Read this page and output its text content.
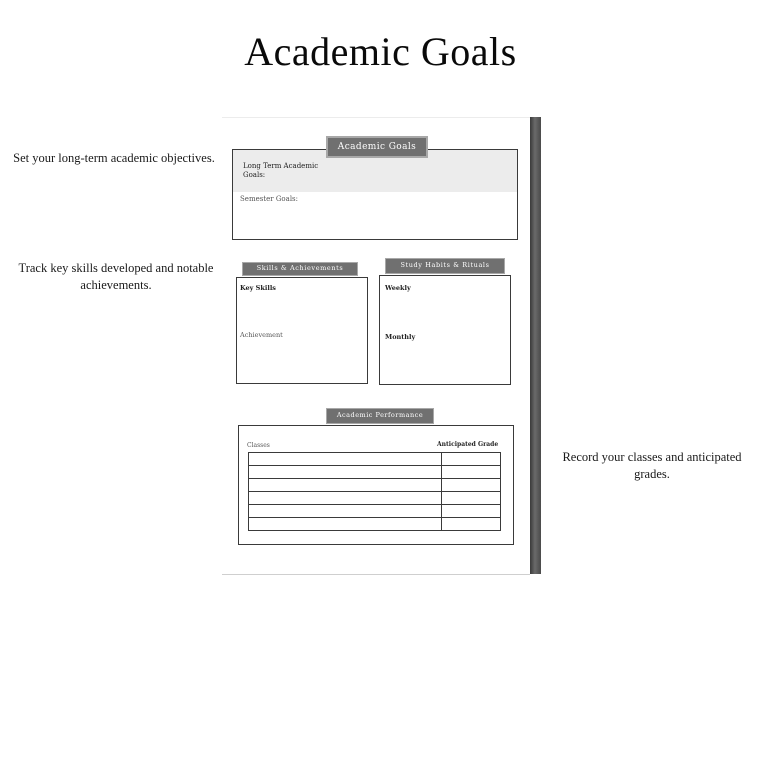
Academic Goals
Set your long-term academic objectives.
Track key skills developed and notable achievements.
Record your classes and anticipated grades.
Long Term Academic Goals:
Semester Goals:
Academic Goals
Key Skills
Achievement
Skills & Achievements
Weekly
Monthly
Study Habits & Rituals
Classes	Anticipated Grade

Academic Performance
